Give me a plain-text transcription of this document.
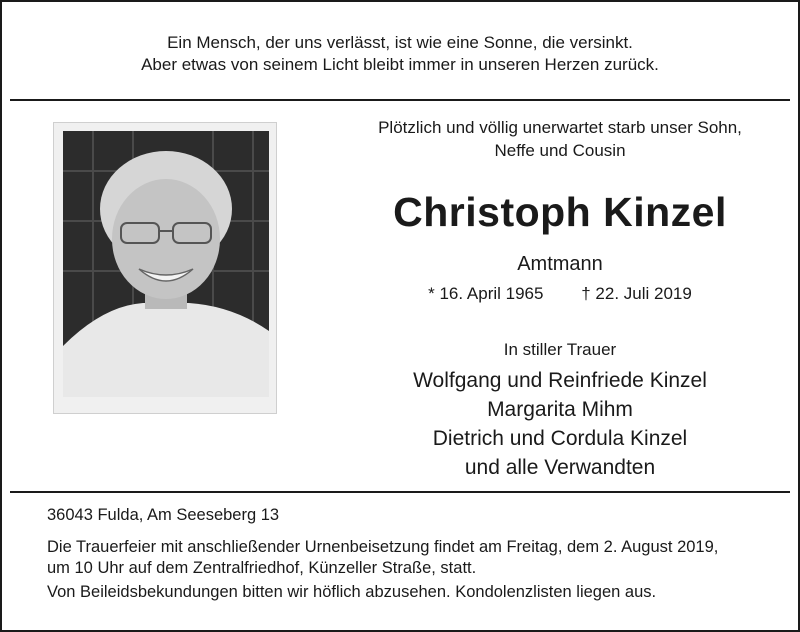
Ein Mensch, der uns verlässt, ist wie eine Sonne, die versinkt.
Aber etwas von seinem Licht bleibt immer in unseren Herzen zurück.
Plötzlich und völlig unerwartet starb unser Sohn,
Neffe und Cousin
Christoph Kinzel
Amtmann
* 16. April 1965 † 22. Juli 2019
In stiller Trauer
Wolfgang und Reinfriede Kinzel
Margarita Mihm
Dietrich und Cordula Kinzel
und alle Verwandten
36043 Fulda, Am Seeseberg 13
Die Trauerfeier mit anschließender Urnenbeisetzung findet am Freitag, dem 2. August 2019,
um 10 Uhr auf dem Zentralfriedhof, Künzeller Straße, statt.
Von Beileidsbekundungen bitten wir höflich abzusehen. Kondolenzlisten liegen aus.
